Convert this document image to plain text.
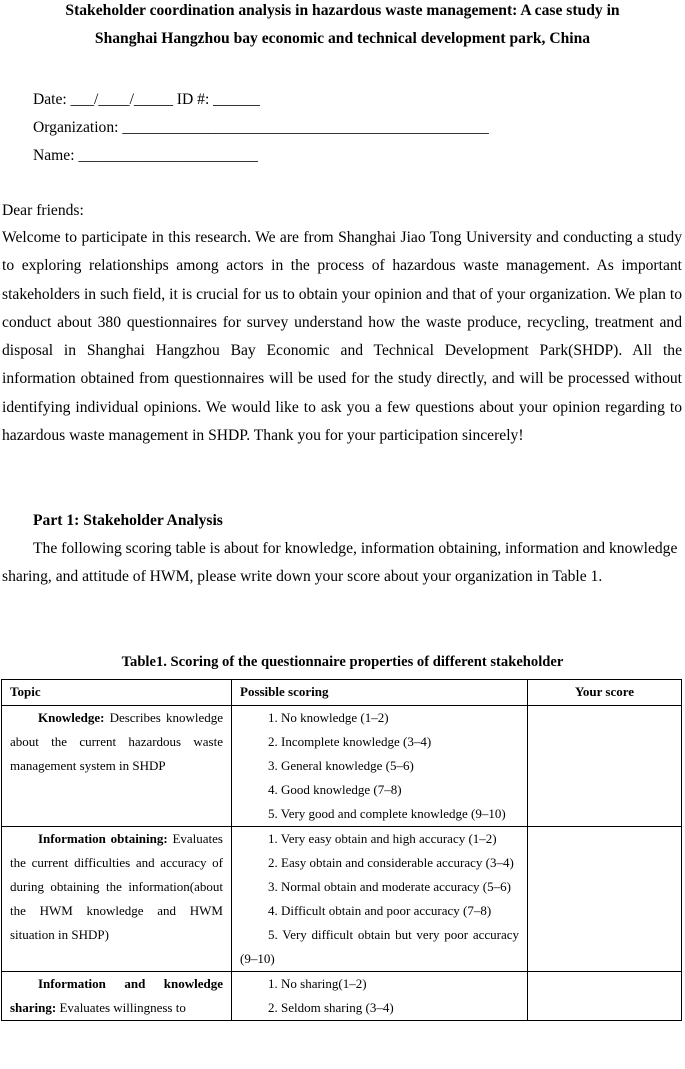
Stakeholder coordination analysis in hazardous waste management: A case study in
Shanghai Hangzhou bay economic and technical development park, China
Date: ___/____/_____ ID #: ______
Organization: _______________________________________________
Name: _______________________
Dear friends:

Welcome to participate in this research. We are from Shanghai Jiao Tong University and conducting a study to exploring relationships among actors in the process of hazardous waste management. As important stakeholders in such field, it is crucial for us to obtain your opinion and that of your organization. We plan to conduct about 380 questionnaires for survey understand how the waste produce, recycling, treatment and disposal in Shanghai Hangzhou Bay Economic and Technical Development Park(SHDP). All the information obtained from questionnaires will be used for the study directly, and will be processed without identifying individual opinions. We would like to ask you a few questions about your opinion regarding to hazardous waste management in SHDP. Thank you for your participation sincerely!

Part 1: Stakeholder Analysis

The following scoring table is about for knowledge, information obtaining, information and knowledge sharing, and attitude of HWM, please write down your score about your organization in Table 1.

Table1. Scoring of the questionnaire properties of different stakeholder
Topic	Possible scoring	Your score

Knowledge: Describes knowledge about the current hazardous waste management system in SHDP	1. No knowledge (1–2)
2. Incomplete knowledge (3–4)
3. General knowledge (5–6)
4. Good knowledge (7–8)
5. Very good and complete knowledge (9–10)	

Information obtaining: Evaluates the current difficulties and accuracy of during obtaining the information(about the HWM knowledge and HWM situation in SHDP)	1. Very easy obtain and high accuracy (1–2)
2. Easy obtain and considerable accuracy (3–4)
3. Normal obtain and moderate accuracy (5–6)
4. Difficult obtain and poor accuracy (7–8)
5. Very difficult obtain but very poor accuracy (9–10)	

Information and knowledge sharing: Evaluates willingness to	1. No sharing(1–2)
2. Seldom sharing (3–4)	
